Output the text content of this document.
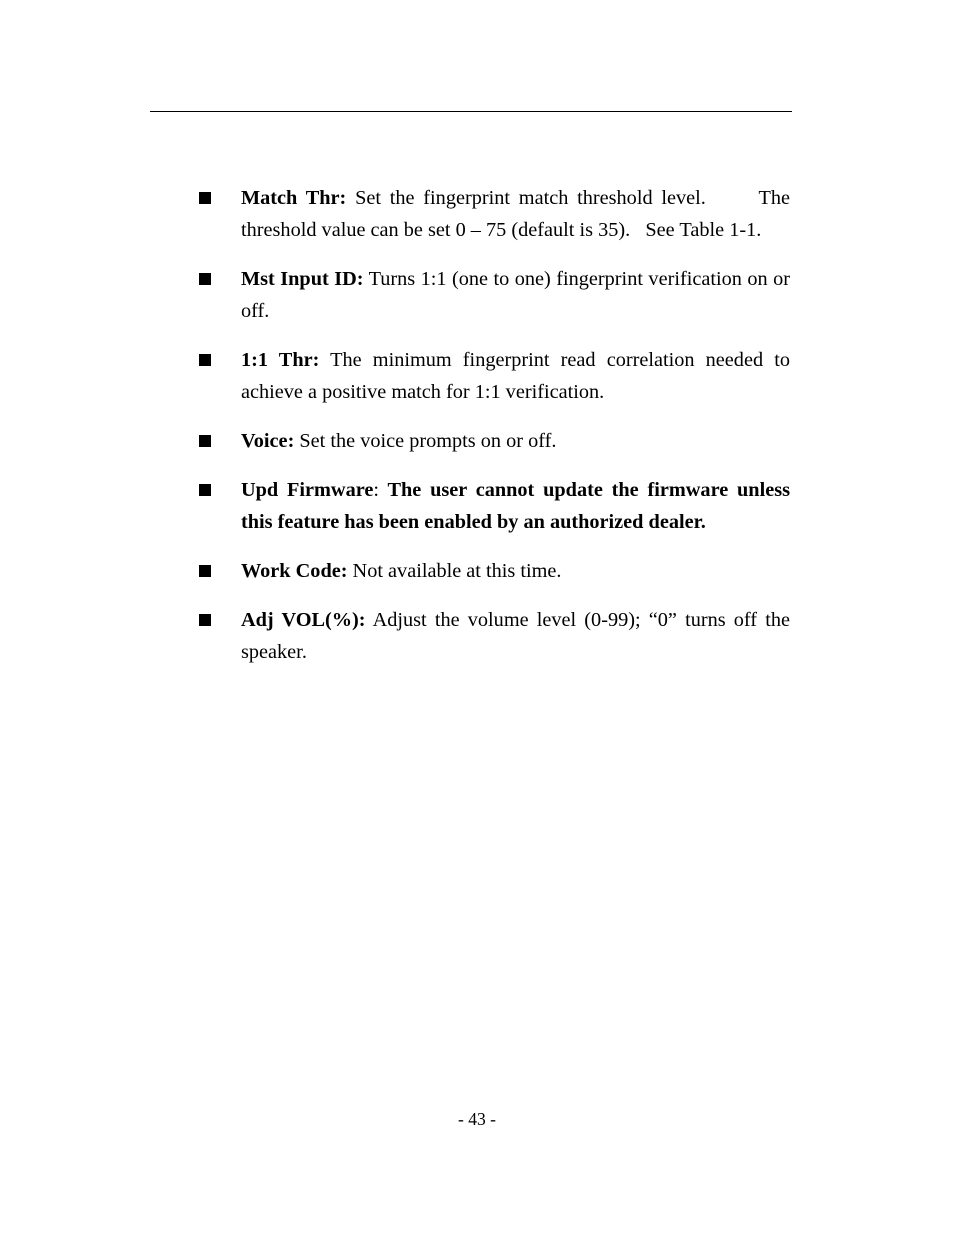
Match Thr: Set the fingerprint match threshold level.      The threshold value can be set 0 – 75 (default is 35).   See Table 1-1.
Mst Input ID: Turns 1:1 (one to one) fingerprint verification on or off.
1:1 Thr: The minimum fingerprint read correlation needed to achieve a positive match for 1:1 verification.
Voice: Set the voice prompts on or off.
Upd Firmware: The user cannot update the firmware unless this feature has been enabled by an authorized dealer.
Work Code: Not available at this time.
Adj VOL(%): Adjust the volume level (0-99); “0” turns off the speaker.
- 43 -
